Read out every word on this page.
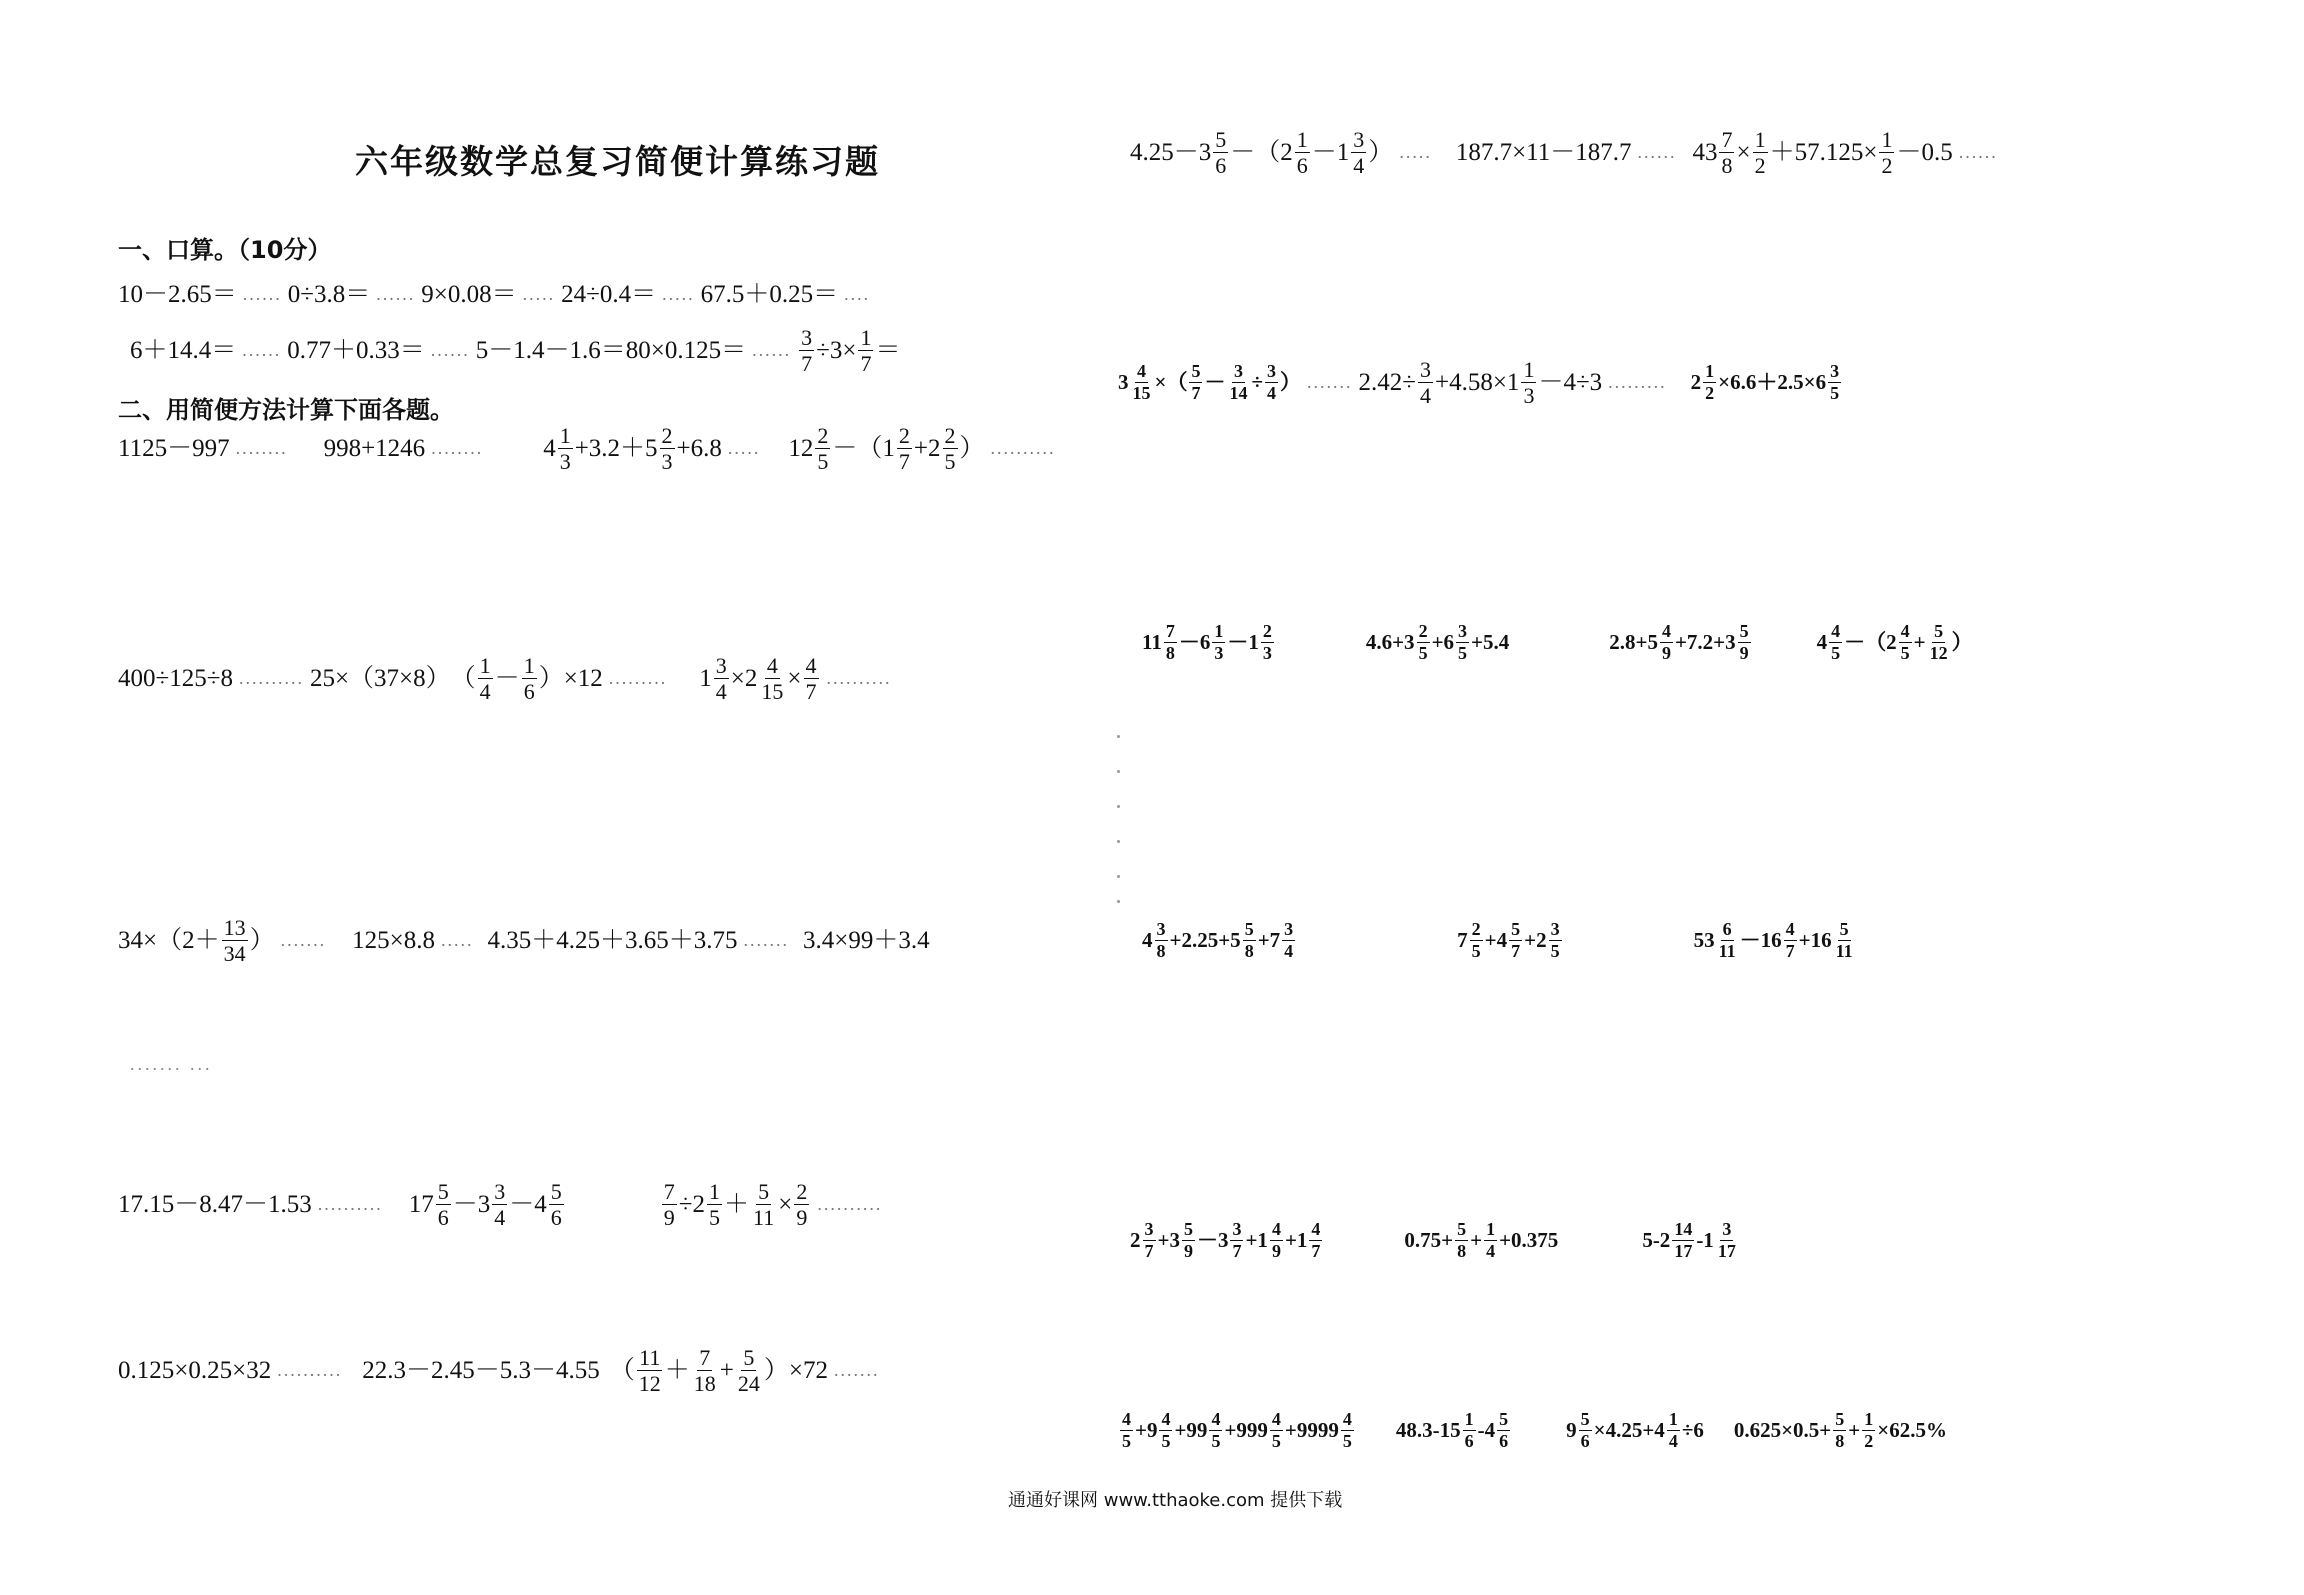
六年级数学总复习简便计算练习题
一、口算。（10分）
10－2.65＝ ...... 0÷3.8＝ ...... 9×0.08＝ ..... 24÷0.4＝ ..... 67.5＋0.25＝ ....
6＋14.4＝ ...... 0.77＋0.33＝ ...... 5－1.4－1.6＝ 80×0.125＝ ...... $\frac{3}{7} \div 3\times \frac{1}{7}$ ＝
二、用简便方法计算下面各题。
1125－997 ........ 998+1246 ........ 4 1
3 +3.2＋5 2
3 +6.8 ..... 12 2
5 －（1 2
7 +2 2
5 ） ..........
400÷125÷8 .......... 25×（37×8） （ 1
4 － 1
6 ）×12 ......... $1 \frac{3}{4} \times 2 \frac{4}{15} \times \frac{4}{7}$ ..........
34×（2＋ 13
34 ） ....... 125×8.8 ..... 4.35＋4.25＋3.65＋3.75 ....... 3.4×99＋3.4
....... ...
17.15－8.47－1.53 .......... 17 5
6 －3 3
4 －4 5
6	$\frac{7}{9} \div 2$ 1
$5 + \frac{5}{11} \times \frac{2}{9}$ ..........
0.125×0.25×32 .......... 22.3－2.45－5.3－4.55 （ 11
12 ＋ 7
$18 + \frac{5}{24} )\times 72$ .......
4.25－3 5
6 －（2 1
6 －1 3
4 ） ..... 187.7×11－187.7 ...... $43 \frac{7}{8} \times \frac{1}{2} +57.125\times \frac{1}{2} -0.5$ ......
$3 \frac{4}{15}$ ×（ 5
$7 - \frac{3}{14} \div \frac{3}{4}$ ） ....... $2.42\div \frac{3}{4} +4.58\times 1$ 1
3 －4÷3 ......... $2 \frac{1}{2} \times 6.6+2.5\times 6$ 3
5
11 7
8 －6 1
3 －1 2
3	4.6+3 2
5 +6 3
5 +5.4	2.8+5 4
9 +7.2+3 5
9	4 4
5 －（2 4
$5 + \frac{5}{12}$ ）
4 3
8 +2.25+5 5
8 +7 3
4	7 2
5 +4 5
7 +2 3
5	53 6
11 －16 4
7 +16 5
11
2 3
7 +3 5
9 －3 3
7 +1 4
9 +1 4
7	$0.75+ \frac{5}{8} + \frac{1}{4} +0.375$	5-2 14
17 -1 3
17
4
5 +9 4
5 +99 4
5 +999 4
5 +9999 4
5 48.3-15 1
6 -4 5
6	$9 \frac{5}{6} \times 4.25+4 \frac{1}{4} \div 6$ $0.625\times 0.5+ \frac{5}{8} + \frac{1}{2} \times 62.5\%$
通通好课网 www.tthaoke.com 提供下载
